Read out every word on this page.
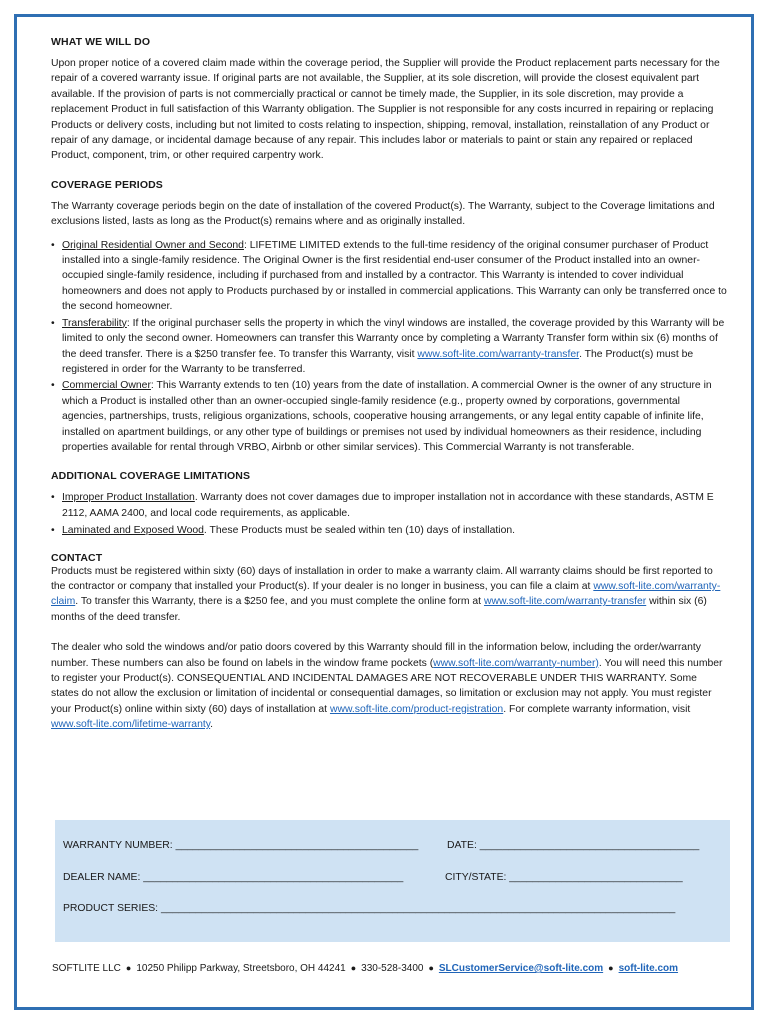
WHAT WE WILL DO

Upon proper notice of a covered claim made within the coverage period, the Supplier will provide the Product replacement parts necessary for the repair of a covered warranty issue. If original parts are not available, the Supplier, at its sole discretion, will provide the closest equivalent part available. If the provision of parts is not commercially practical or cannot be timely made, the Supplier, in its sole discretion, may provide a replacement Product in full satisfaction of this Warranty obligation. The Supplier is not responsible for any costs incurred in repairing or replacing Products or delivery costs, including but not limited to costs relating to inspection, shipping, removal, installation, reinstallation of any Product or repair of any damage, or incidental damage because of any repair. This includes labor or materials to paint or stain any repaired or replaced Product, component, trim, or other required carpentry work.

COVERAGE PERIODS

The Warranty coverage periods begin on the date of installation of the covered Product(s). The Warranty, subject to the Coverage limitations and exclusions listed, lasts as long as the Product(s) remains where and as originally installed.

• Original Residential Owner and Second: LIFETIME LIMITED extends to the full-time residency of the original consumer purchaser of Product installed into a single-family residence. The Original Owner is the first residential end-user consumer of the Product installed into an owner-occupied single-family residence, including if purchased from and installed by a contractor. This Warranty is intended to cover individual homeowners and does not apply to Products purchased by or installed in commercial applications. This Warranty can only be transferred once to the second homeowner.
• Transferability: If the original purchaser sells the property in which the vinyl windows are installed, the coverage provided by this Warranty will be limited to only the second owner. Homeowners can transfer this Warranty once by completing a Warranty Transfer form within six (6) months of the deed transfer. There is a $250 transfer fee. To transfer this Warranty, visit www.soft-lite.com/warranty-transfer. The Product(s) must be registered in order for the Warranty to be transferred.
• Commercial Owner: This Warranty extends to ten (10) years from the date of installation. A commercial Owner is the owner of any structure in which a Product is installed other than an owner-occupied single-family residence (e.g., property owned by corporations, governmental agencies, partnerships, trusts, religious organizations, schools, cooperative housing arrangements, or any legal entity capable of infinite life, installed on apartment buildings, or any other type of buildings or premises not used by individual homeowners as their residence, including properties available for rental through VRBO, Airbnb or other similar services). This Commercial Warranty is not transferable.
ADDITIONAL COVERAGE LIMITATIONS
• Improper Product Installation. Warranty does not cover damages due to improper installation not in accordance with these standards, ASTM E 2112, AAMA 2400, and local code requirements, as applicable.
• Laminated and Exposed Wood. These Products must be sealed within ten (10) days of installation.
CONTACT

Products must be registered within sixty (60) days of installation in order to make a warranty claim. All warranty claims should be first reported to the contractor or company that installed your Product(s). If your dealer is no longer in business, you can file a claim at www.soft-lite.com/warranty-claim. To transfer this Warranty, there is a $250 fee, and you must complete the online form at www.soft-lite.com/warranty-transfer within six (6) months of the deed transfer.

The dealer who sold the windows and/or patio doors covered by this Warranty should fill in the information below, including the order/warranty number. These numbers can also be found on labels in the window frame pockets (www.soft-lite.com/warranty-number). You will need this number to register your Product(s). CONSEQUENTIAL AND INCIDENTAL DAMAGES ARE NOT RECOVERABLE UNDER THIS WARRANTY. Some states do not allow the exclusion or limitation of incidental or consequential damages, so limitation or exclusion may not apply. You must register your Product(s) online within sixty (60) days of installation at www.soft-lite.com/product-registration. For complete warranty information, visit www.soft-lite.com/lifetime-warranty.

WARRANTY NUMBER: __________________________________________	DATE: ______________________________________
DEALER NAME: _____________________________________________	CITY/STATE: ______________________________
PRODUCT SERIES: _________________________________________________________________________________________
SOFTLITE LLC ● 10250 Philipp Parkway, Streetsboro, OH 44241 ● 330-528-3400 ● SLCustomerService@soft-lite.com ● soft-lite.com
